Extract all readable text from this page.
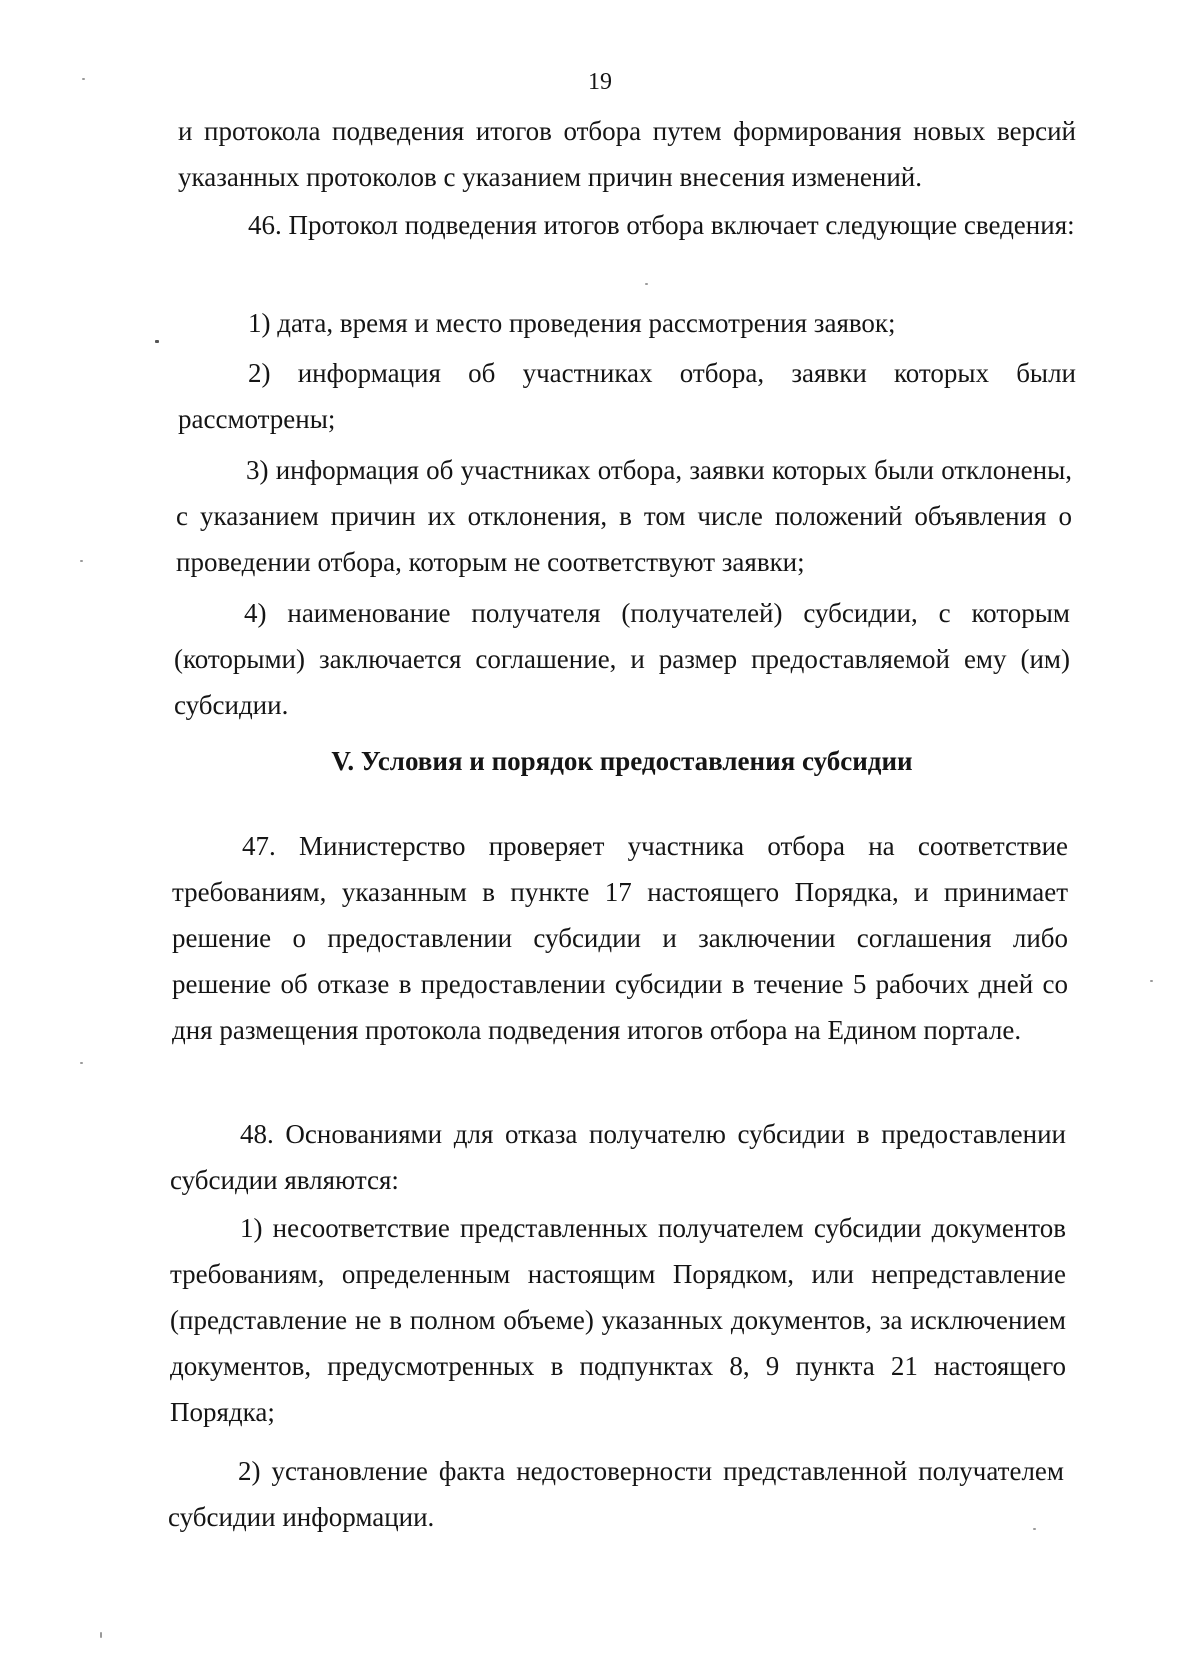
19

и протокола подведения итогов отбора путем формирования новых версий указанных протоколов с указанием причин внесения изменений.

46. Протокол подведения итогов отбора включает следующие сведения:

1) дата, время и место проведения рассмотрения заявок;

2) информация об участниках отбора, заявки которых были рассмотрены;

3) информация об участниках отбора, заявки которых были отклонены, с указанием причин их отклонения, в том числе положений объявления о проведении отбора, которым не соответствуют заявки;

4) наименование получателя (получателей) субсидии, с которым (которыми) заключается соглашение, и размер предоставляемой ему (им) субсидии.

V. Условия и порядок предоставления субсидии

47. Министерство проверяет участника отбора на соответствие требованиям, указанным в пункте 17 настоящего Порядка, и принимает решение о предоставлении субсидии и заключении соглашения либо решение об отказе в предоставлении субсидии в течение 5 рабочих дней со дня размещения протокола подведения итогов отбора на Едином портале.

48. Основаниями для отказа получателю субсидии в предоставлении субсидии являются:

1) несоответствие представленных получателем субсидии документов требованиям, определенным настоящим Порядком, или непредставление (представление не в полном объеме) указанных документов, за исключением документов, предусмотренных в подпунктах 8, 9 пункта 21 настоящего Порядка;

2) установление факта недостоверности представленной получателем субсидии информации.
